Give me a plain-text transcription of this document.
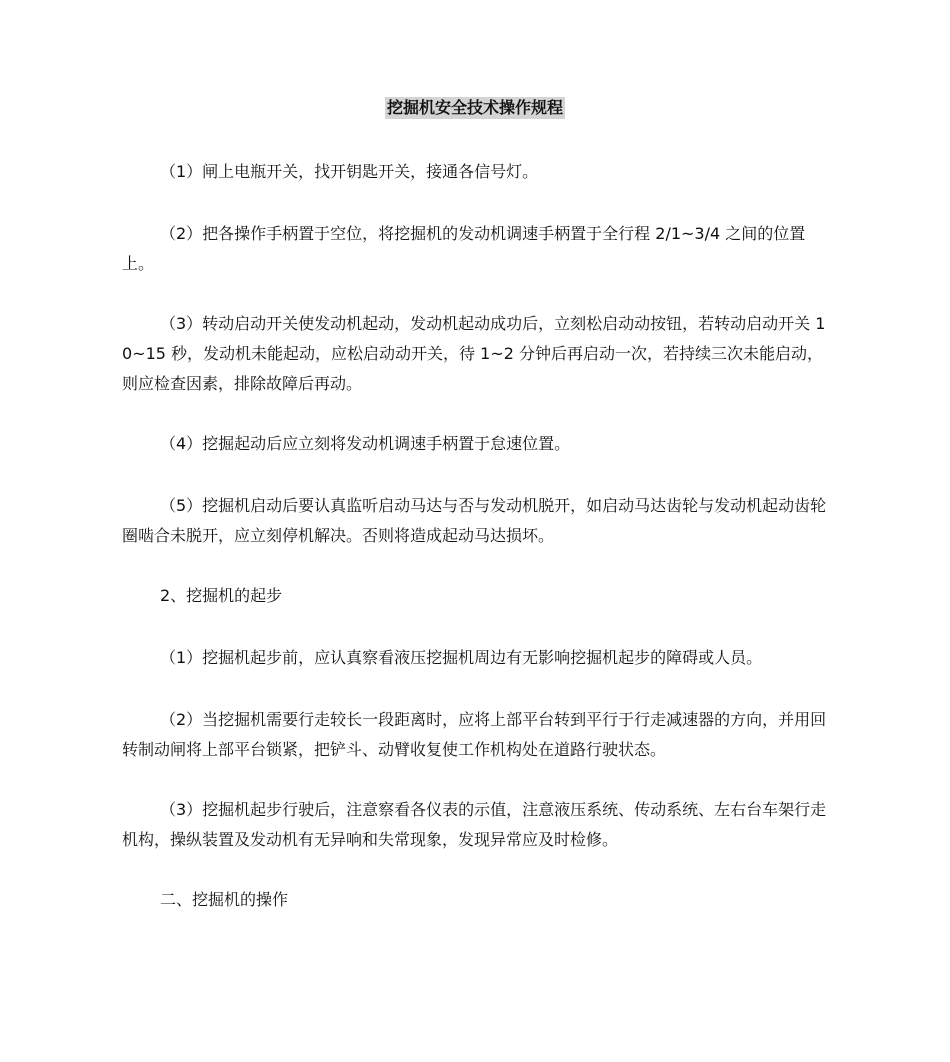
挖掘机安全技术操作规程

（1）闸上电瓶开关，找开钥匙开关，接通各信号灯。

（2）把各操作手柄置于空位，将挖掘机的发动机调速手柄置于全行程 2/1~3/4 之间的位置上。

（3）转动启动开关使发动机起动，发动机起动成功后，立刻松启动动按钮，若转动启动开关 10~15 秒，发动机未能起动，应松启动动开关，待 1~2 分钟后再启动一次，若持续三次未能启动，则应检查因素，排除故障后再动。

（4）挖掘起动后应立刻将发动机调速手柄置于怠速位置。

（5）挖掘机启动后要认真监听启动马达与否与发动机脱开，如启动马达齿轮与发动机起动齿轮圈啮合未脱开，应立刻停机解决。否则将造成起动马达损坏。

2、挖掘机的起步

（1）挖掘机起步前，应认真察看液压挖掘机周边有无影响挖掘机起步的障碍或人员。

（2）当挖掘机需要行走较长一段距离时，应将上部平台转到平行于行走减速器的方向，并用回转制动闸将上部平台锁紧，把铲斗、动臂收复使工作机构处在道路行驶状态。

（3）挖掘机起步行驶后，注意察看各仪表的示值，注意液压系统、传动系统、左右台车架行走机构，操纵装置及发动机有无异响和失常现象，发现异常应及时检修。

二、挖掘机的操作
